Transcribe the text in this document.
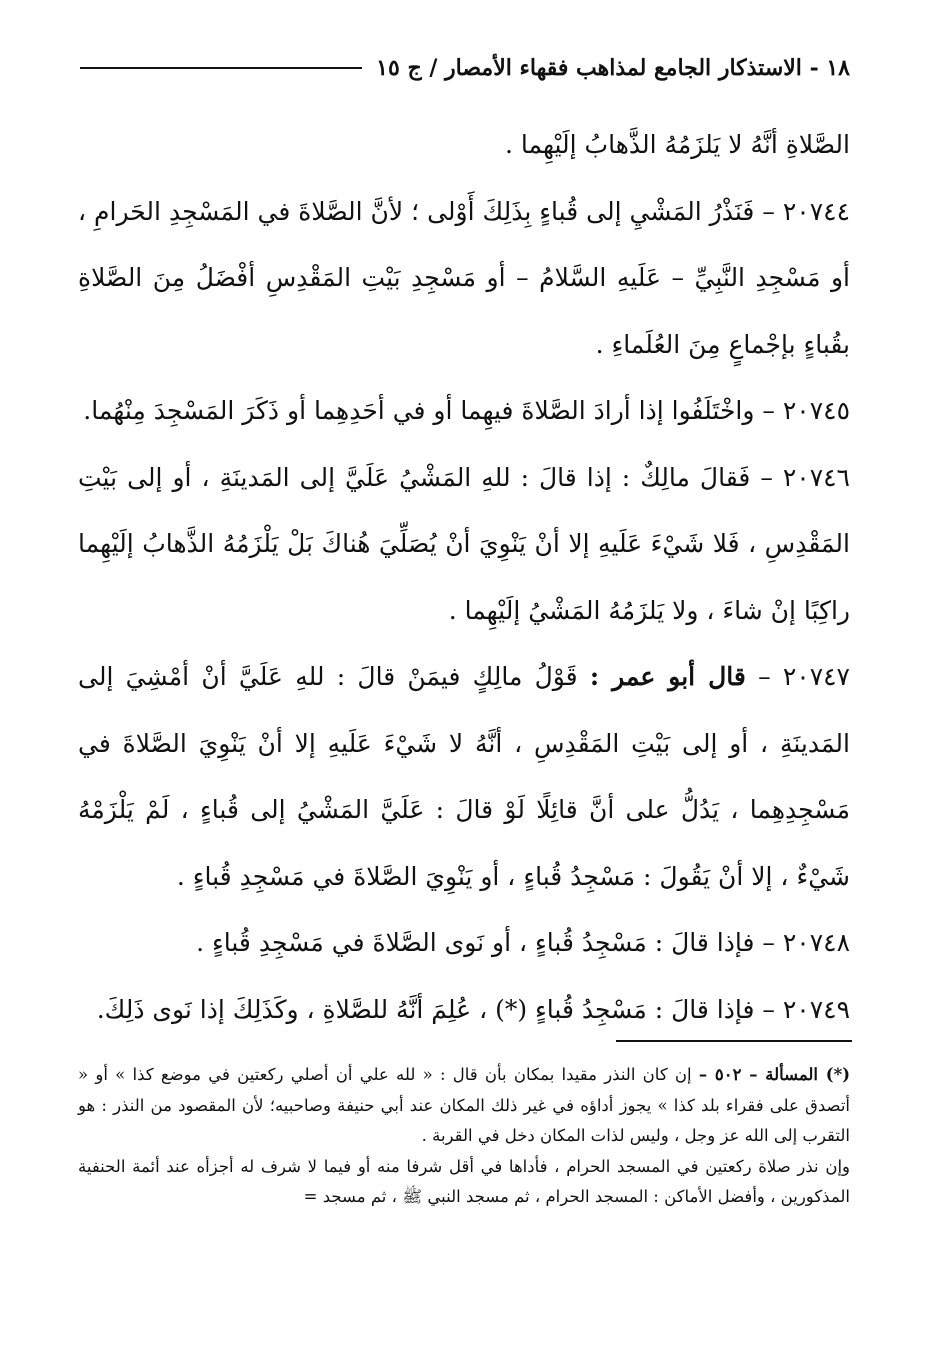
١٨ - الاستذكار الجامع لمذاهب فقهاء الأمصار / ج ١٥

الصَّلاةِ أنَّهُ لا يَلزَمُهُ الذَّهابُ إلَيْهِما .

٢٠٧٤٤ – فَنَذْرُ المَشْيِ إلى قُباءٍ بِذَلِكَ أَوْلى ؛ لأنَّ الصَّلاةَ في المَسْجِدِ الحَرامِ ، أو مَسْجِدِ النَّبِيِّ – عَلَيهِ السَّلامُ – أو مَسْجِدِ بَيْتِ المَقْدِسِ أفْضَلُ مِنَ الصَّلاةِ بقُباءٍ بإجْماعٍ مِنَ العُلَماءِ .

٢٠٧٤٥ – واخْتَلَفُوا إذا أرادَ الصَّلاةَ فيهِما أو في أحَدِهِما أو ذَكَرَ المَسْجِدَ مِنْهُما.

٢٠٧٤٦ – فَقالَ مالِكٌ : إذا قالَ : للهِ المَشْيُ عَلَيَّ إلى المَدينَةِ ، أو إلى بَيْتِ المَقْدِسِ ، فَلا شَيْءَ عَلَيهِ إلا أنْ يَنْوِيَ أنْ يُصَلِّيَ هُناكَ بَلْ يَلْزَمُهُ الذَّهابُ إلَيْهِما راكِبًا إنْ شاءَ ، ولا يَلزَمُهُ المَشْيُ إلَيْهِما .

٢٠٧٤٧ – قال أبو عمر : قَوْلُ مالِكٍ فيمَنْ قالَ : للهِ عَلَيَّ أنْ أمْشِيَ إلى المَدينَةِ ، أو إلى بَيْتِ المَقْدِسِ ، أنَّهُ لا شَيْءَ عَلَيهِ إلا أنْ يَنْوِيَ الصَّلاةَ في مَسْجِدِهِما ، يَدُلُّ على أنَّ قائِلًا لَوْ قالَ : عَلَيَّ المَشْيُ إلى قُباءٍ ، لَمْ يَلْزَمْهُ شَيْءٌ ، إلا أنْ يَقُولَ : مَسْجِدُ قُباءٍ ، أو يَنْوِيَ الصَّلاةَ في مَسْجِدِ قُباءٍ .

٢٠٧٤٨ – فإذا قالَ : مَسْجِدُ قُباءٍ ، أو نَوى الصَّلاةَ في مَسْجِدِ قُباءٍ .

٢٠٧٤٩ – فإذا قالَ : مَسْجِدُ قُباءٍ (*) ، عُلِمَ أنَّهُ للصَّلاةِ ، وكَذَلِكَ إذا نَوى ذَلِكَ.

(*) المسألة – ٥٠٢ – إن كان النذر مقيدا بمكان بأن قال : « لله علي أن أصلي ركعتين في موضع كذا » أو « أتصدق على فقراء بلد كذا » يجوز أداؤه في غير ذلك المكان عند أبي حنيفة وصاحبيه؛ لأن المقصود من النذر : هو التقرب إلى الله عز وجل ، وليس لذات المكان دخل في القربة .

وإن نذر صلاة ركعتين في المسجد الحرام ، فأداها في أقل شرفا منه أو فيما لا شرف له أجزأه عند أئمة الحنفية المذكورين ، وأفضل الأماكن : المسجد الحرام ، ثم مسجد النبي ﷺ ، ثم مسجد =
